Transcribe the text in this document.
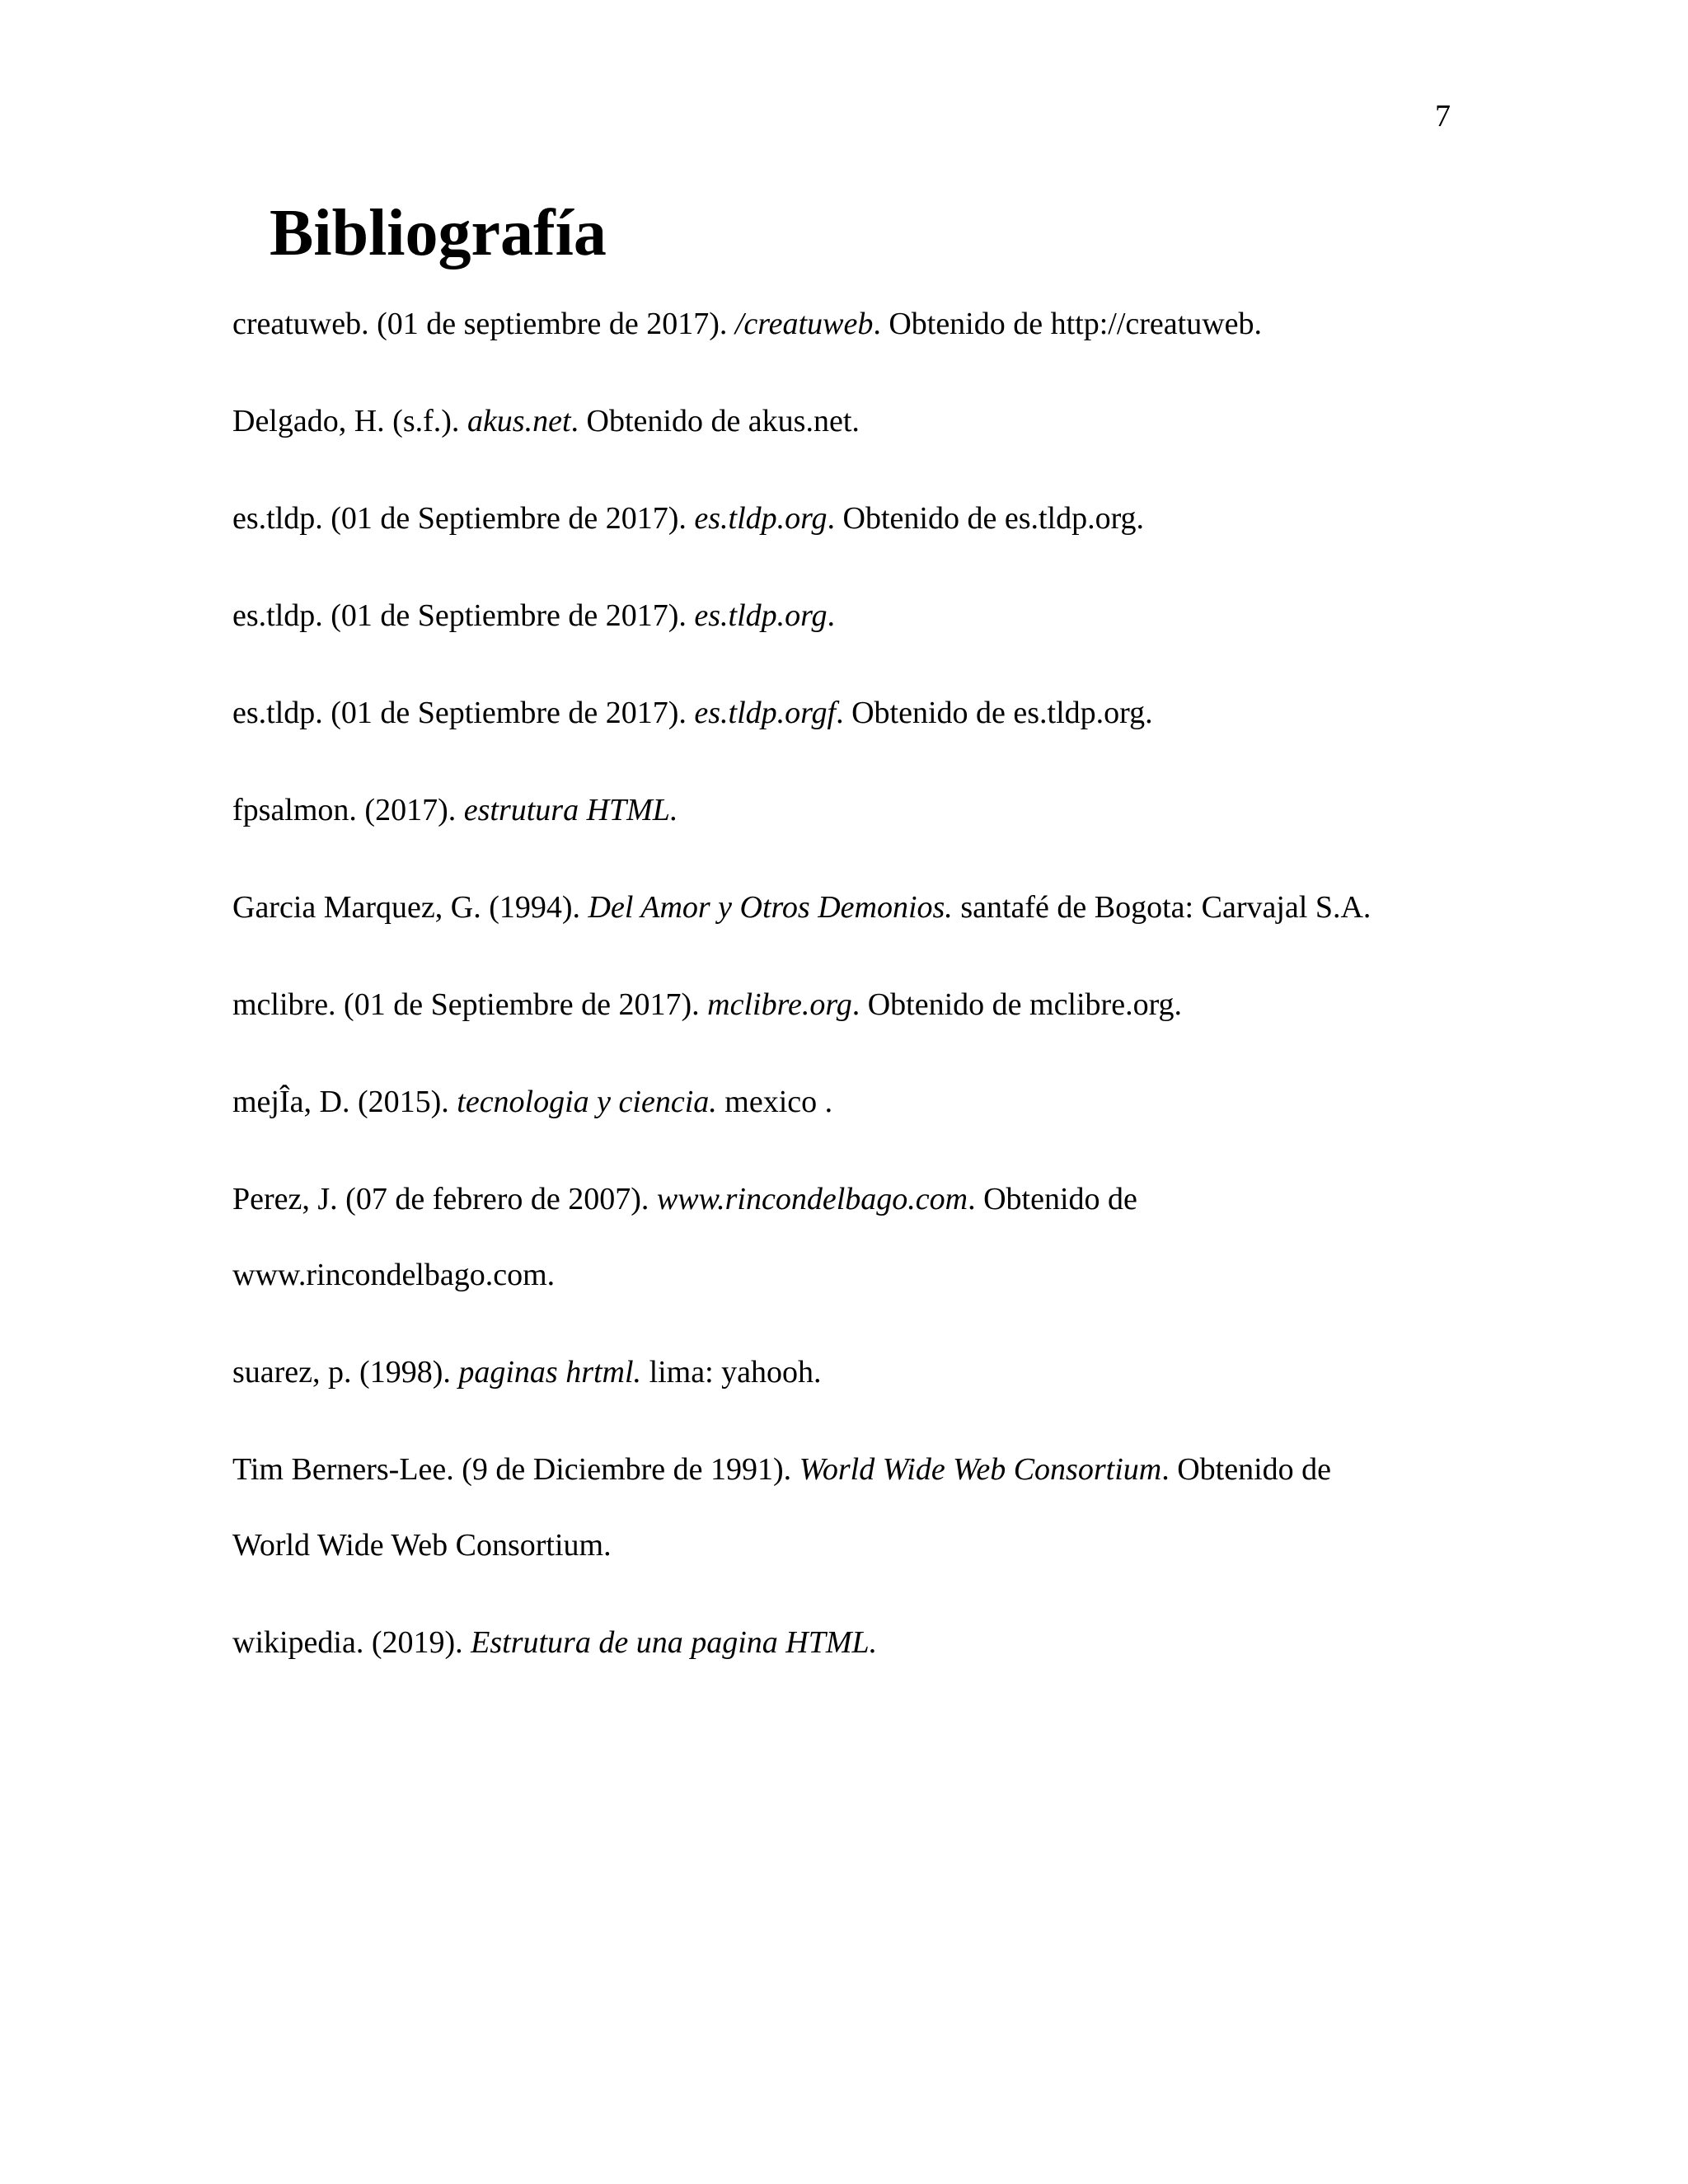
7
Bibliografía
creatuweb. (01 de septiembre de 2017). /creatuweb. Obtenido de http://creatuweb.
Delgado, H. (s.f.). akus.net. Obtenido de akus.net.
es.tldp. (01 de Septiembre de 2017). es.tldp.org. Obtenido de es.tldp.org.
es.tldp. (01 de Septiembre de 2017). es.tldp.org.
es.tldp. (01 de Septiembre de 2017). es.tldp.orgf. Obtenido de es.tldp.org.
fpsalmon. (2017). estrutura HTML.
Garcia Marquez, G. (1994). Del Amor y Otros Demonios. santafé de Bogota: Carvajal S.A.
mclibre. (01 de Septiembre de 2017). mclibre.org. Obtenido de mclibre.org.
mejÎa, D. (2015). tecnologia y ciencia. mexico .
Perez, J. (07 de febrero de 2007). www.rincondelbago.com. Obtenido de
www.rincondelbago.com.
suarez, p. (1998). paginas hrtml. lima: yahooh.
Tim Berners-Lee. (9 de Diciembre de 1991). World Wide Web Consortium. Obtenido de
World Wide Web Consortium.
wikipedia. (2019). Estrutura de una pagina HTML.
